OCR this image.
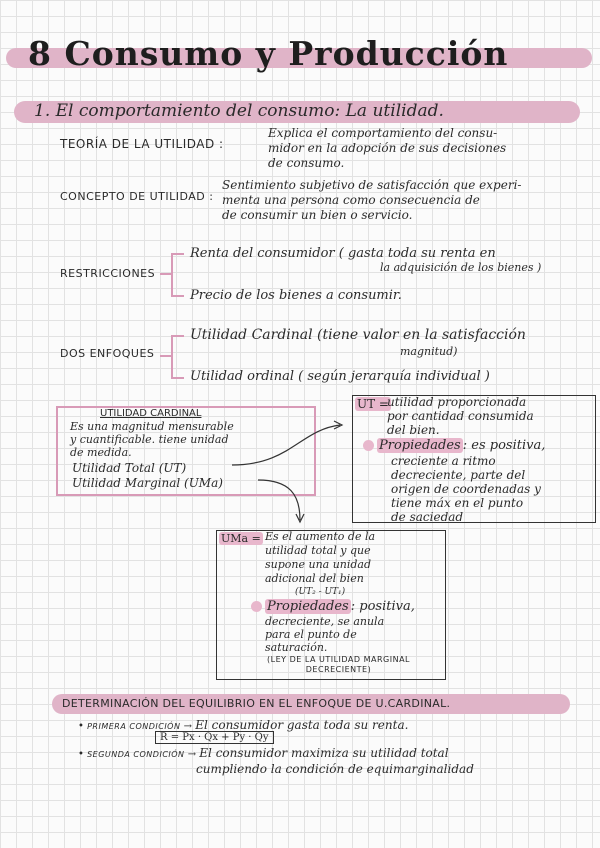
8 Consumo y Producción
1. El comportamiento del consumo: La utilidad.
TEORÍA DE LA UTILIDAD :
Explica el comportamiento del consu-
midor en la adopción de sus decisiones
de consumo.
CONCEPTO DE UTILIDAD :
Sentimiento subjetivo de satisfacción que experi-
menta una persona como consecuencia de
de consumir un bien o servicio.
RESTRICCIONES
Renta del consumidor ( gasta toda su renta en
la adquisición de los bienes )
Precio de los bienes a consumir.
DOS ENFOQUES
Utilidad Cardinal (tiene valor en la satisfacción
magnitud)
Utilidad ordinal ( según jerarquía individual )
UTILIDAD CARDINAL
Es una magnitud mensurable
y cuantificable. tiene unidad
de medida.
Utilidad Total (UT)
Utilidad Marginal (UMa)
UT =
utilidad proporcionada
por cantidad consumida
del bien.
Propiedades : es positiva,
creciente a ritmo
decreciente, parte del
origen de coordenadas y
tiene máx en el punto
de saciedad
UMa = Es el aumento de la
utilidad total y que
supone una unidad
adicional del bien
(UT₂ - UT₁)
Propiedades : positiva,
decreciente, se anula
para el punto de
saturación.
(LEY DE LA UTILIDAD MARGINAL
DECRECIENTE)
DETERMINACIÓN DEL EQUILIBRIO EN EL ENFOQUE DE U.CARDINAL.
• PRIMERA CONDICIÓN → El consumidor gasta toda su renta.
R = Px · Qx + Py · Qy
• SEGUNDA CONDICIÓN → El consumidor maximiza su utilidad total
cumpliendo la condición de equimarginalidad
